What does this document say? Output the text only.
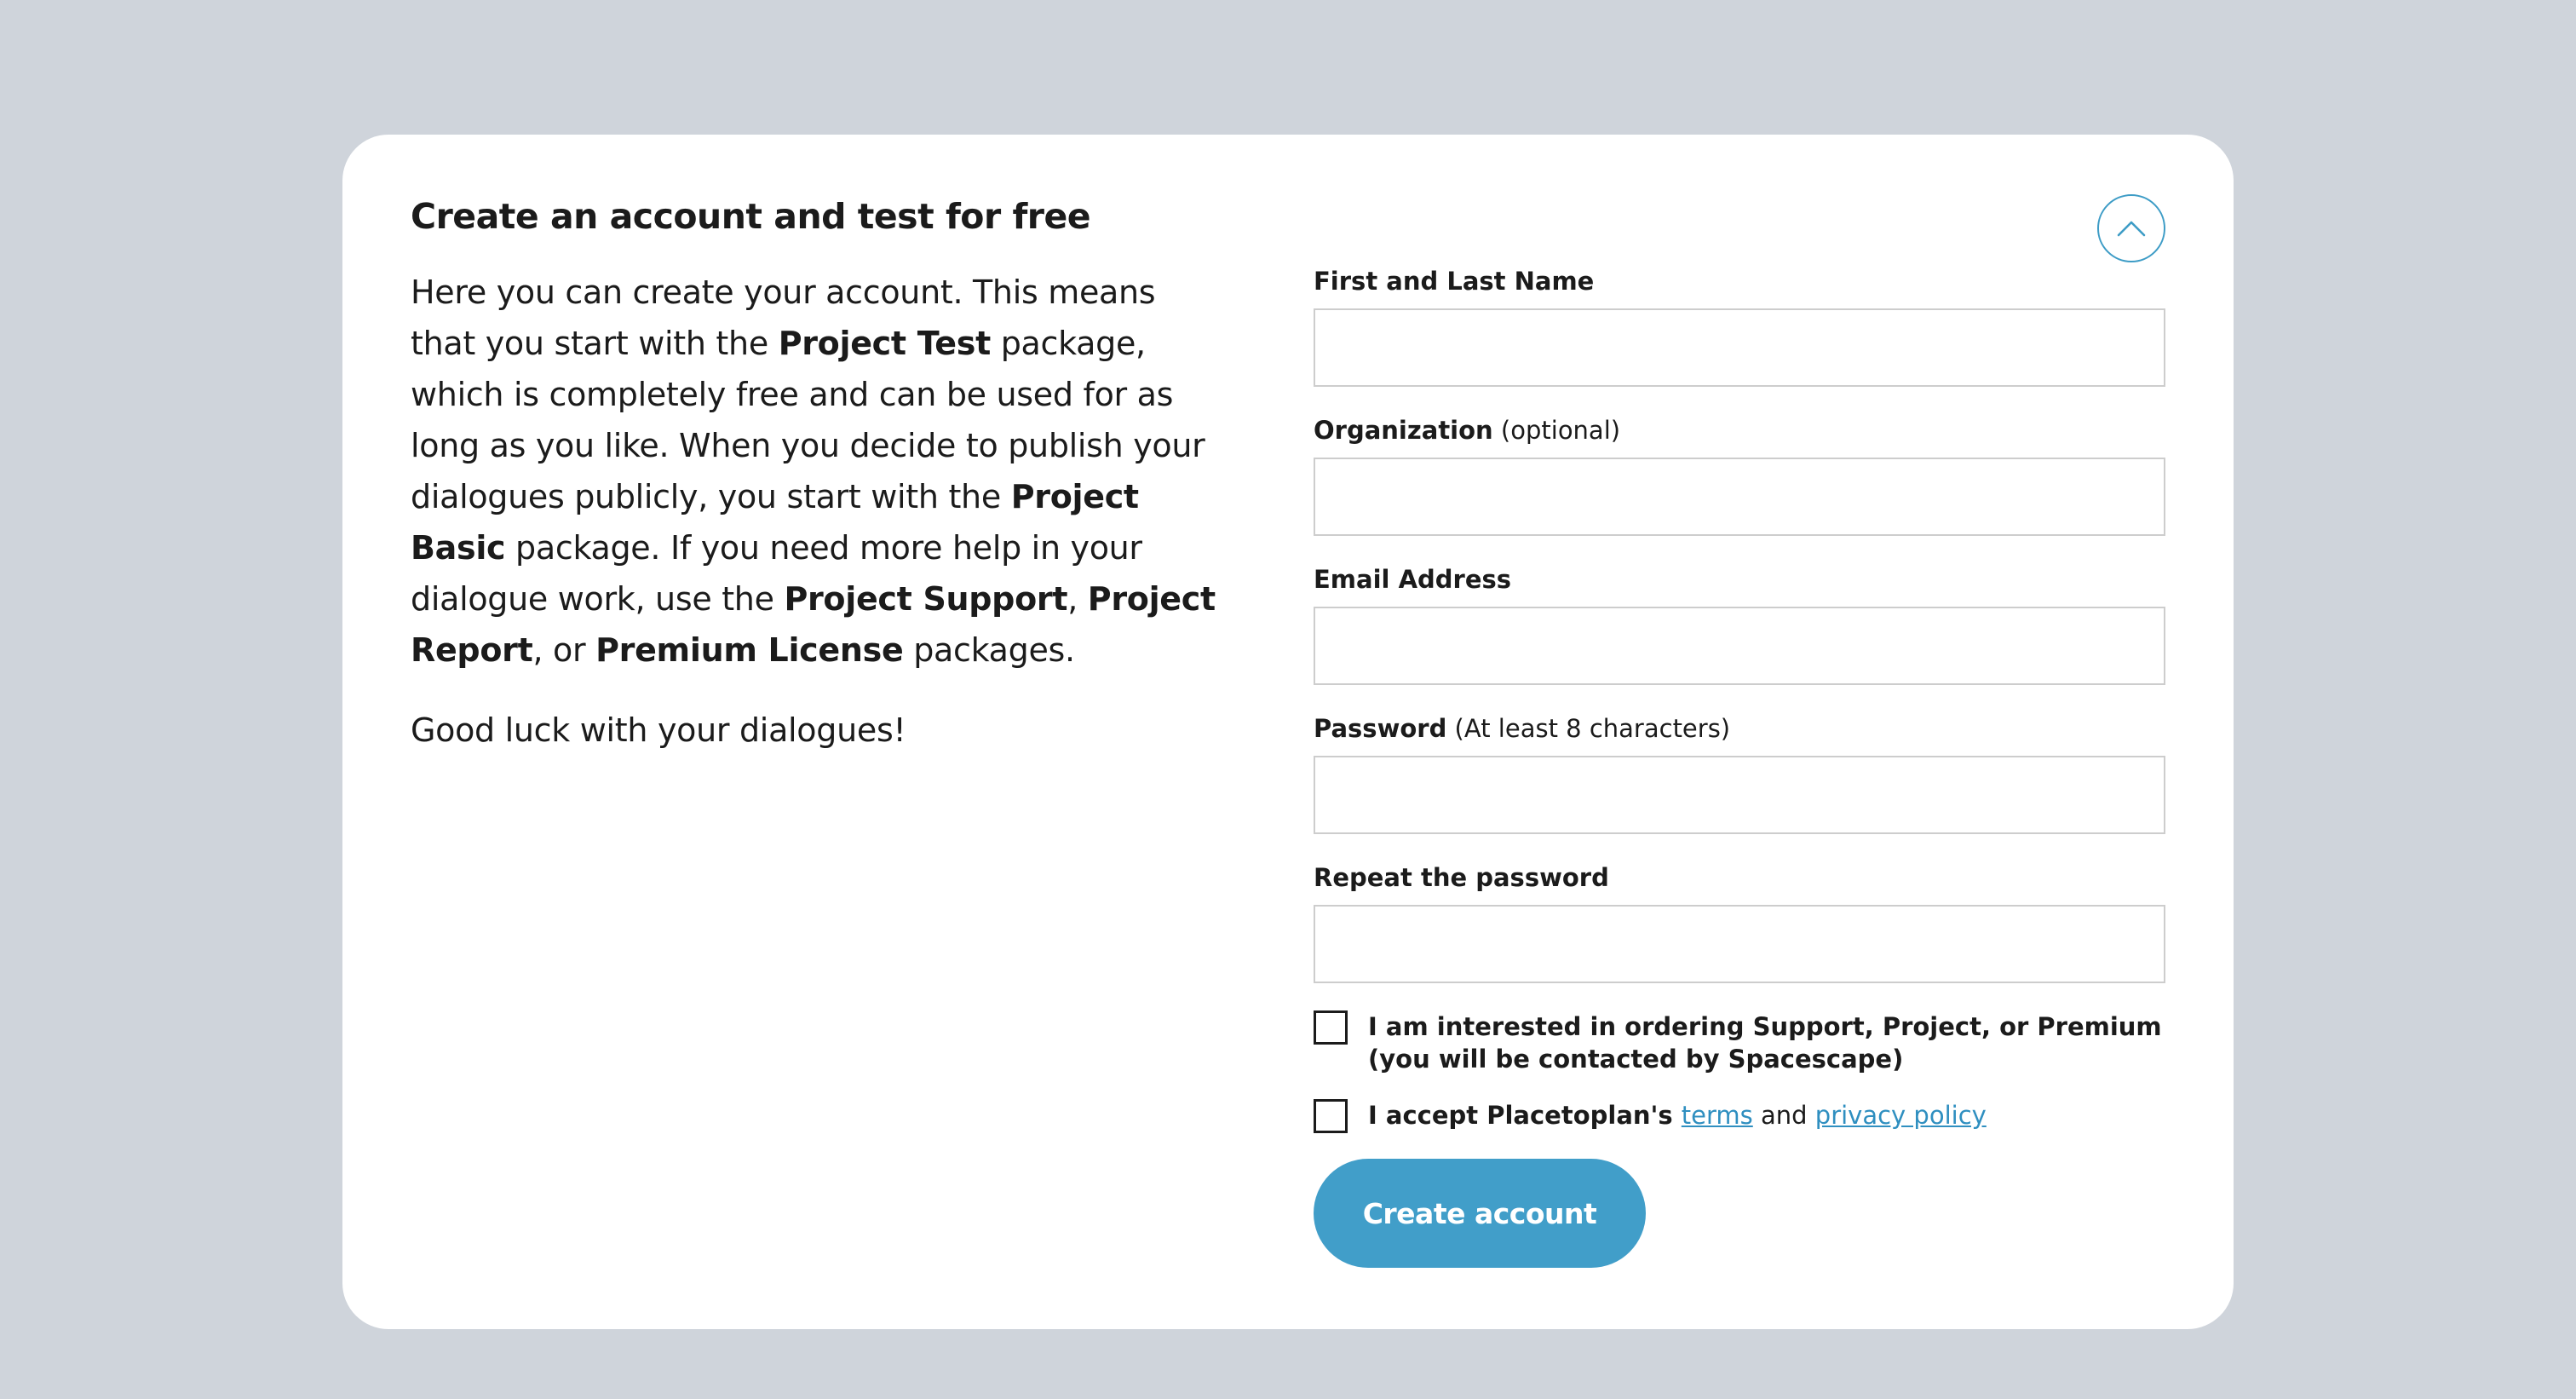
Create an account and test for free

Here you can create your account. This means that you start with the Project Test package, which is completely free and can be used for as long as you like. When you decide to publish your dialogues publicly, you start with the Project Basic package. If you need more help in your dialogue work, use the Project Support, Project Report, or Premium License packages.

Good luck with your dialogues!

First and Last Name
Organization (optional)
Email Address
Password (At least 8 characters)
Repeat the password
I am interested in ordering Support, Project, or Premium
(you will be contacted by Spacescape)
I accept Placetoplan's terms and privacy policy
Create account
